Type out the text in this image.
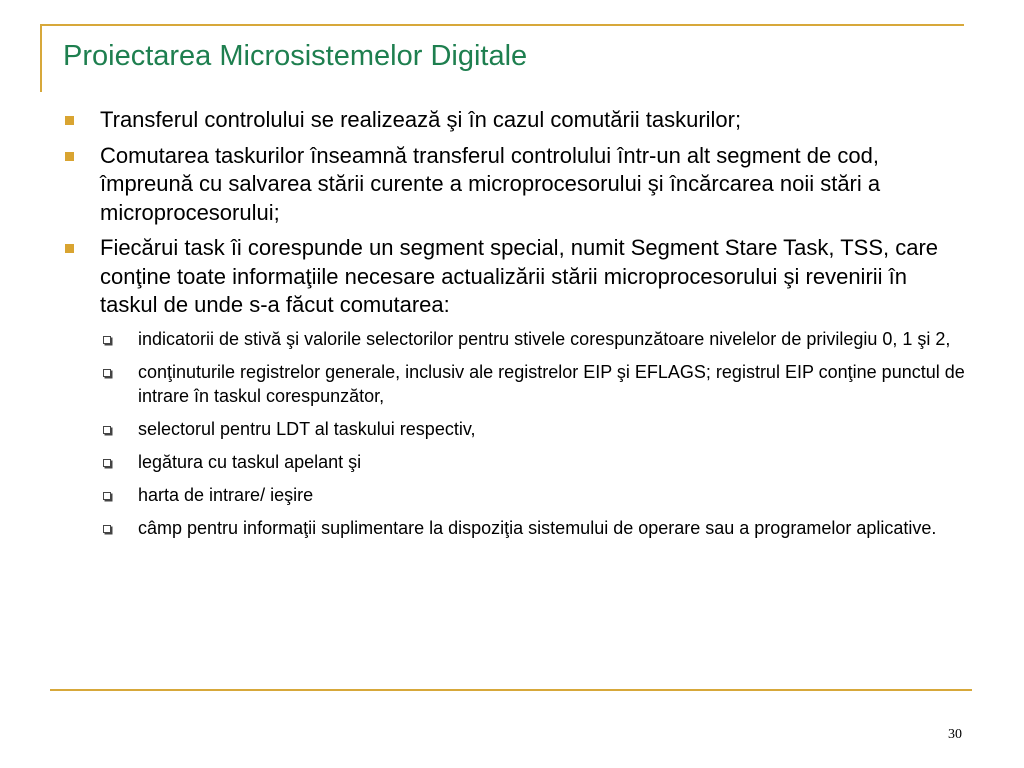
Proiectarea Microsistemelor Digitale
Transferul controlului se realizează şi în cazul comutării taskurilor;
Comutarea taskurilor înseamnă transferul controlului într-un alt segment de cod, împreună cu salvarea stării curente a microprocesorului şi încărcarea noii stări a microprocesorului;
Fiecărui task îi corespunde un segment special, numit Segment Stare Task, TSS, care conţine toate informaţiile necesare actualizării stării microprocesorului şi revenirii în taskul de unde s-a făcut comutarea:
indicatorii de stivă şi valorile selectorilor pentru stivele corespunzătoare nivelelor de privilegiu 0, 1 şi 2,
conţinuturile registrelor generale, inclusiv ale registrelor EIP şi EFLAGS; registrul EIP conţine punctul de intrare în taskul corespunzător,
selectorul pentru LDT al taskului respectiv,
legătura cu taskul apelant şi
harta de intrare/ ieşire
câmp pentru informaţii suplimentare la dispoziţia sistemului de operare sau a programelor aplicative.
30
